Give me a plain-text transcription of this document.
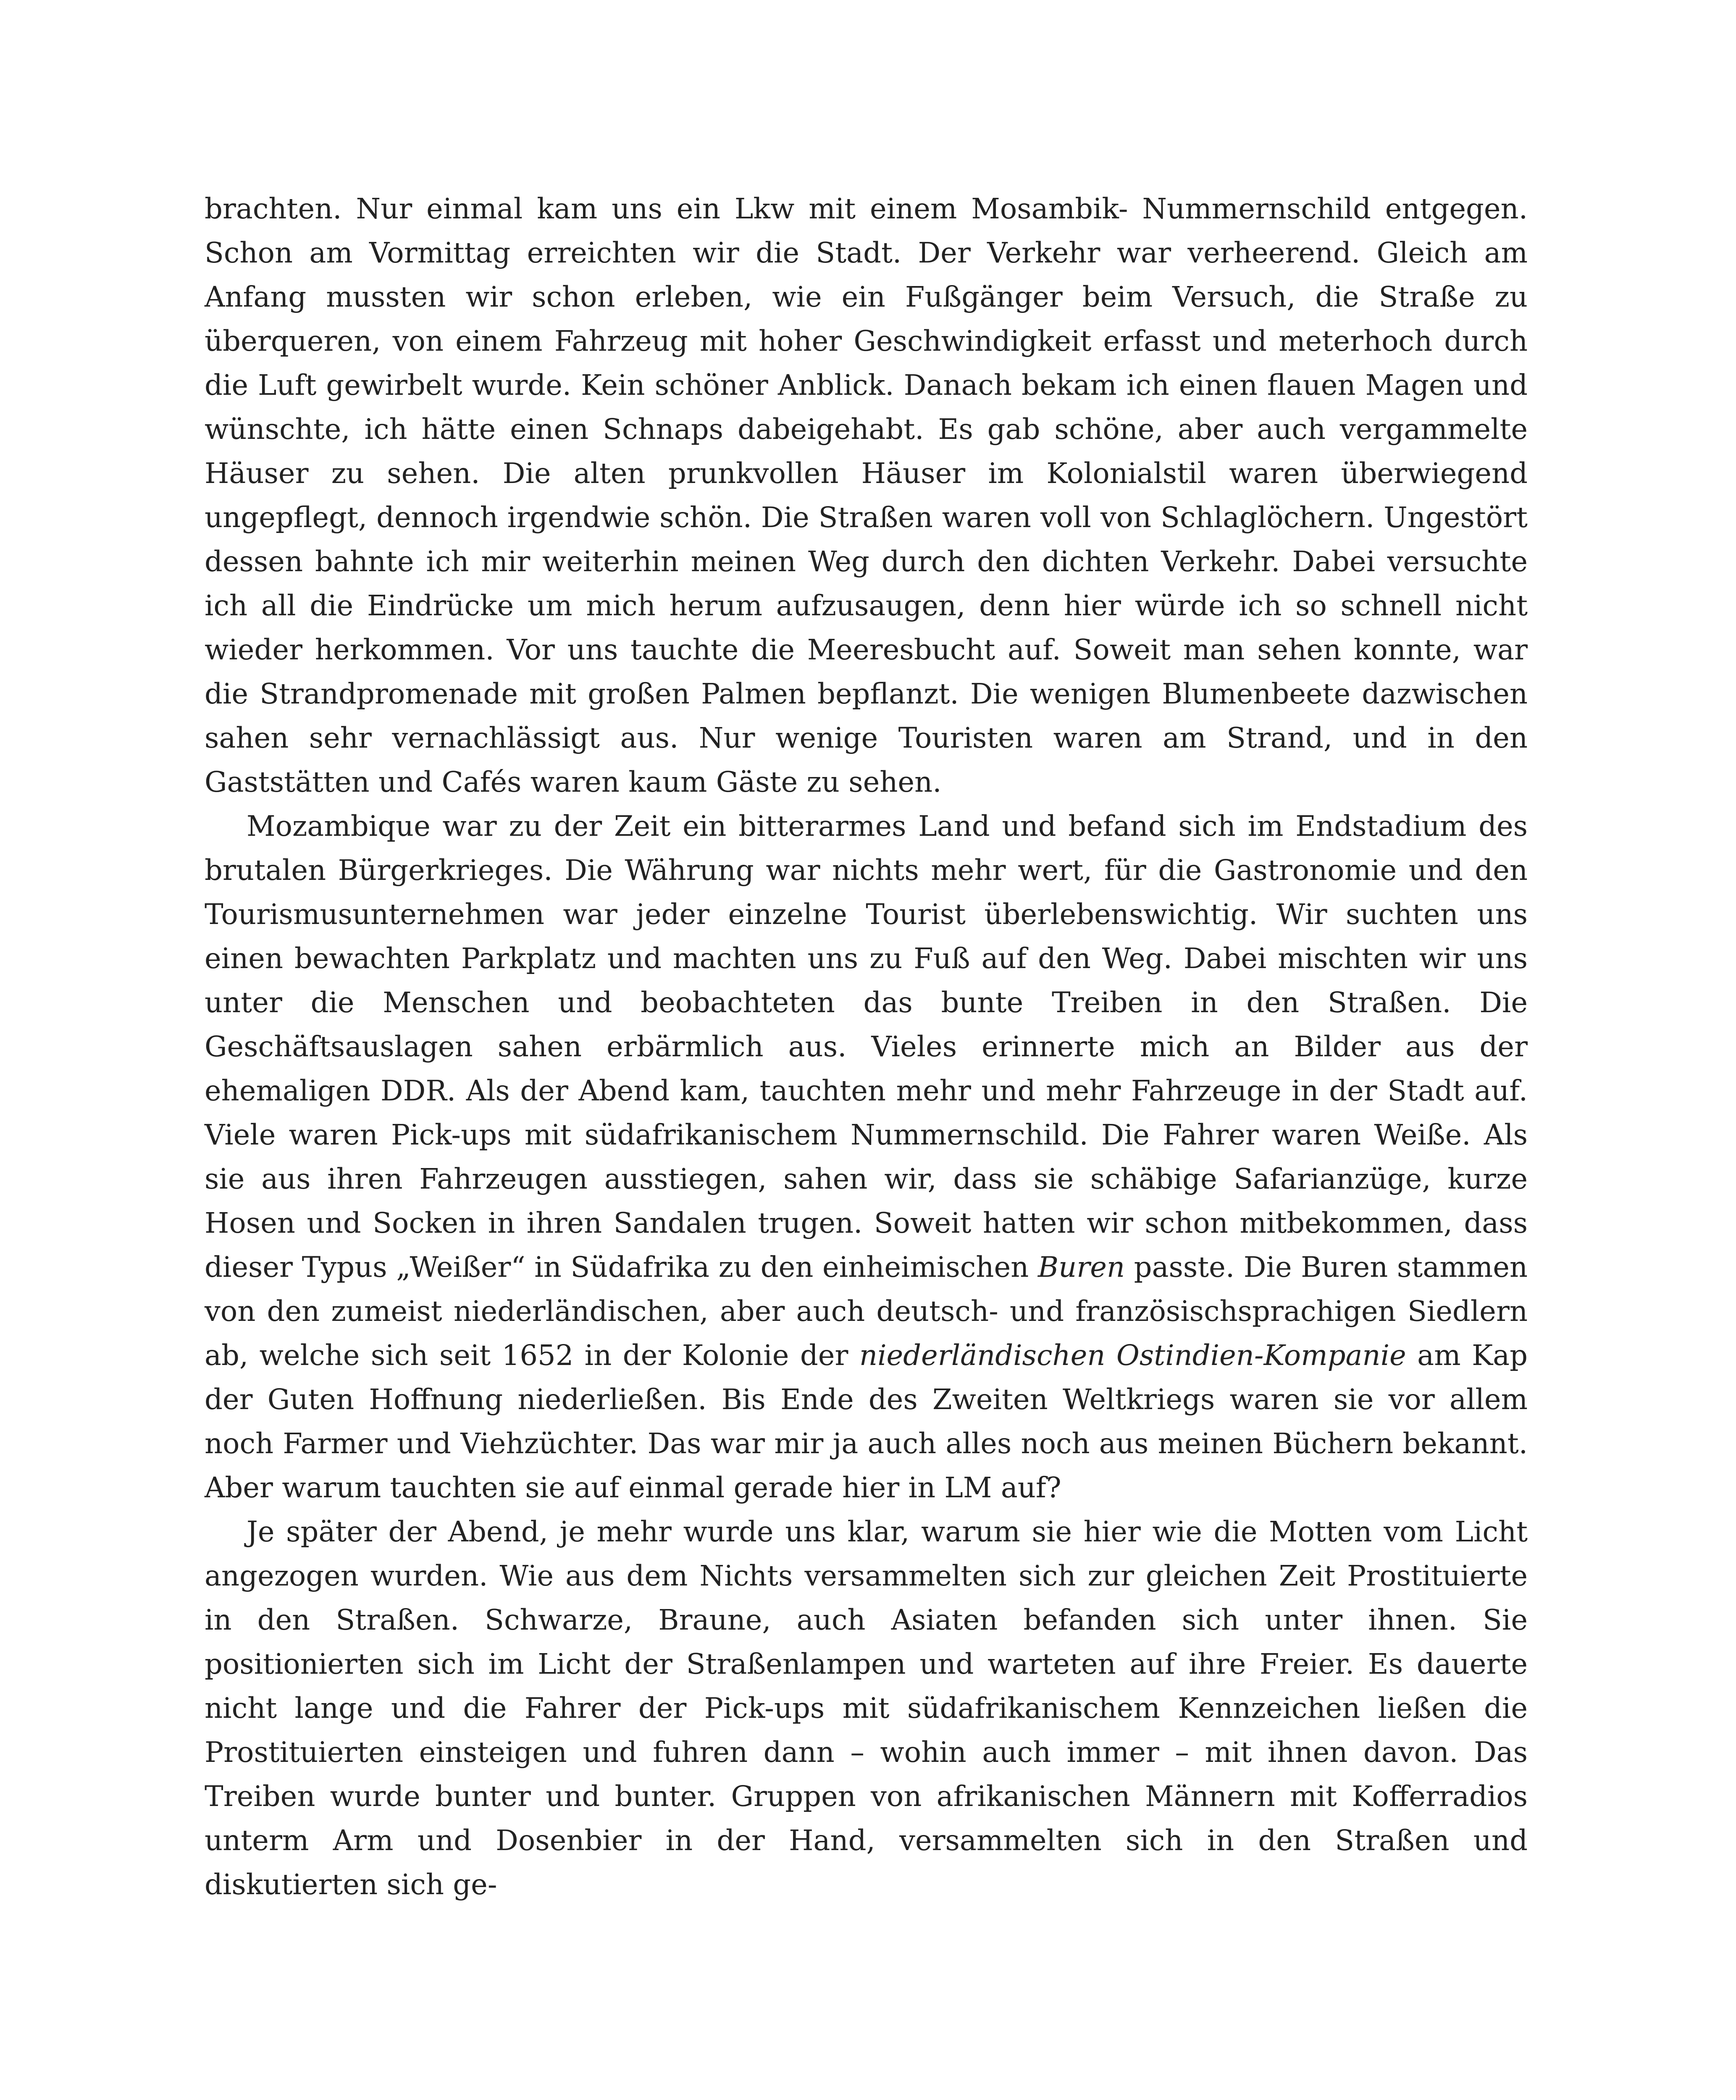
brachten. Nur einmal kam uns ein Lkw mit einem Mosambik- Nummernschild entgegen. Schon am Vormittag erreichten wir die Stadt. Der Verkehr war verheerend. Gleich am Anfang mussten wir schon erleben, wie ein Fußgänger beim Versuch, die Straße zu überqueren, von einem Fahrzeug mit hoher Geschwindigkeit erfasst und meterhoch durch die Luft gewirbelt wurde. Kein schöner Anblick. Danach bekam ich einen flauen Magen und wünschte, ich hätte einen Schnaps dabeigehabt. Es gab schöne, aber auch vergammelte Häuser zu sehen. Die alten prunkvollen Häuser im Kolonialstil waren überwiegend ungepflegt, dennoch irgendwie schön. Die Straßen waren voll von Schlaglöchern. Ungestört dessen bahnte ich mir weiterhin meinen Weg durch den dichten Verkehr. Dabei versuchte ich all die Eindrücke um mich herum aufzusaugen, denn hier würde ich so schnell nicht wieder herkommen. Vor uns tauchte die Meeresbucht auf. Soweit man sehen konnte, war die Strandpromenade mit großen Palmen bepflanzt. Die wenigen Blumenbeete dazwischen sahen sehr vernachlässigt aus. Nur wenige Touristen waren am Strand, und in den Gaststätten und Cafés waren kaum Gäste zu sehen.

Mozambique war zu der Zeit ein bitterarmes Land und befand sich im Endstadium des brutalen Bürgerkrieges. Die Währung war nichts mehr wert, für die Gastronomie und den Tourismusunternehmen war jeder einzelne Tourist überlebenswichtig. Wir suchten uns einen bewachten Parkplatz und machten uns zu Fuß auf den Weg. Dabei mischten wir uns unter die Menschen und beobachteten das bunte Treiben in den Straßen. Die Geschäftsauslagen sahen erbärmlich aus. Vieles erinnerte mich an Bilder aus der ehemaligen DDR. Als der Abend kam, tauchten mehr und mehr Fahrzeuge in der Stadt auf. Viele waren Pick-ups mit südafrikanischem Nummernschild. Die Fahrer waren Weiße. Als sie aus ihren Fahrzeugen ausstiegen, sahen wir, dass sie schäbige Safarianzüge, kurze Hosen und Socken in ihren Sandalen trugen. Soweit hatten wir schon mitbekommen, dass dieser Typus „Weißer“ in Südafrika zu den einheimischen Buren passte. Die Buren stammen von den zumeist niederländischen, aber auch deutsch- und französischsprachigen Siedlern ab, welche sich seit 1652 in der Kolonie der niederländischen Ostindien-Kompanie am Kap der Guten Hoffnung niederließen. Bis Ende des Zweiten Weltkriegs waren sie vor allem noch Farmer und Viehzüchter. Das war mir ja auch alles noch aus meinen Büchern bekannt. Aber warum tauchten sie auf einmal gerade hier in LM auf?

Je später der Abend, je mehr wurde uns klar, warum sie hier wie die Motten vom Licht angezogen wurden. Wie aus dem Nichts versammelten sich zur gleichen Zeit Prostituierte in den Straßen. Schwarze, Braune, auch Asiaten befanden sich unter ihnen. Sie positionierten sich im Licht der Straßenlampen und warteten auf ihre Freier. Es dauerte nicht lange und die Fahrer der Pick-ups mit südafrikanischem Kennzeichen ließen die Prostituierten einsteigen und fuhren dann – wohin auch immer – mit ihnen davon. Das Treiben wurde bunter und bunter. Gruppen von afrikanischen Männern mit Kofferradios unterm Arm und Dosenbier in der Hand, versammelten sich in den Straßen und diskutierten sich ge-
